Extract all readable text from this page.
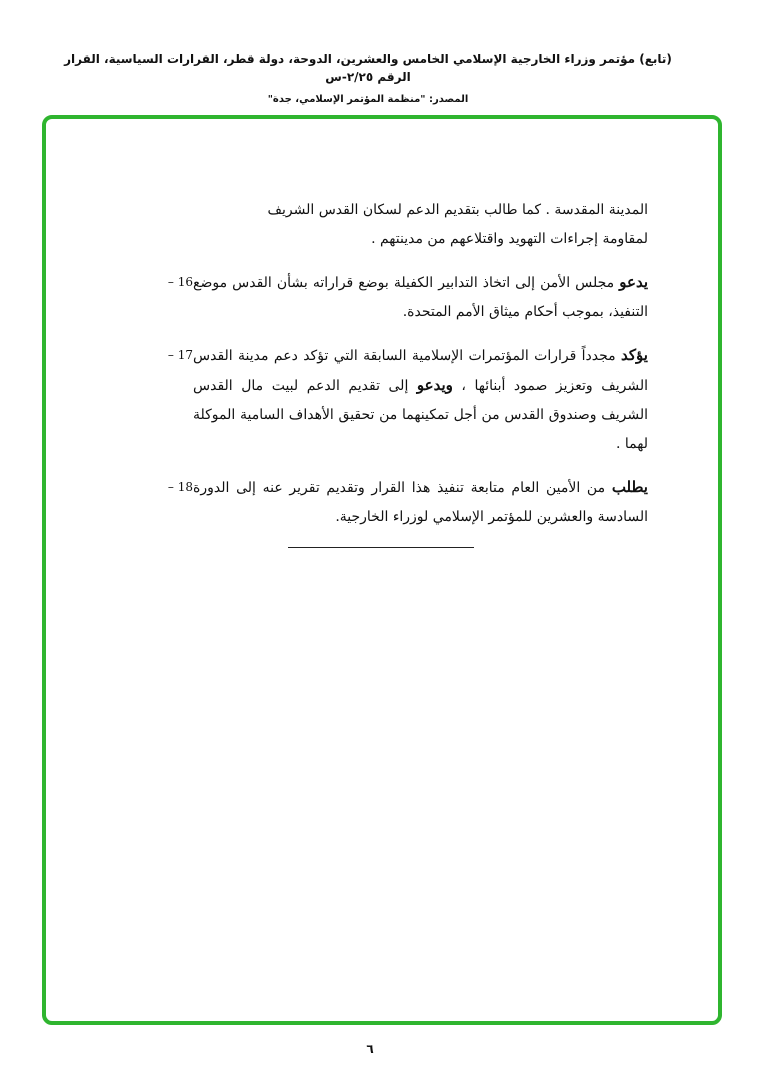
(تابع) مؤتمر وزراء الخارجية الإسلامي الخامس والعشرين، الدوحة، دولة قطر، القرارات السياسية، القرار الرقم ٢/٢٥-س
المصدر: "منظمة المؤتمر الإسلامي، جدة"

المدينة المقدسة . كما طالب بتقديم الدعم لسكان القدس الشريف لمقاومة إجراءات التهويد واقتلاعهم من مدينتهم .

يدعو مجلس الأمن إلى اتخاذ التدابير الكفيلة بوضع قراراته بشأن القدس موضع التنفيذ، بموجب أحكام ميثاق الأمم المتحدة.
16 –
يؤكد مجدداً قرارات المؤتمرات الإسلامية السابقة التي تؤكد دعم مدينة القدس الشريف وتعزيز صمود أبنائها ، ويدعو إلى تقديم الدعم لبيت مال القدس الشريف وصندوق القدس من أجل تمكينهما من تحقيق الأهداف السامية الموكلة لهما .
17 –
يطلب من الأمين العام متابعة تنفيذ هذا القرار وتقديم تقرير عنه إلى الدورة السادسة والعشرين للمؤتمر الإسلامي لوزراء الخارجية.
18 –
٦
